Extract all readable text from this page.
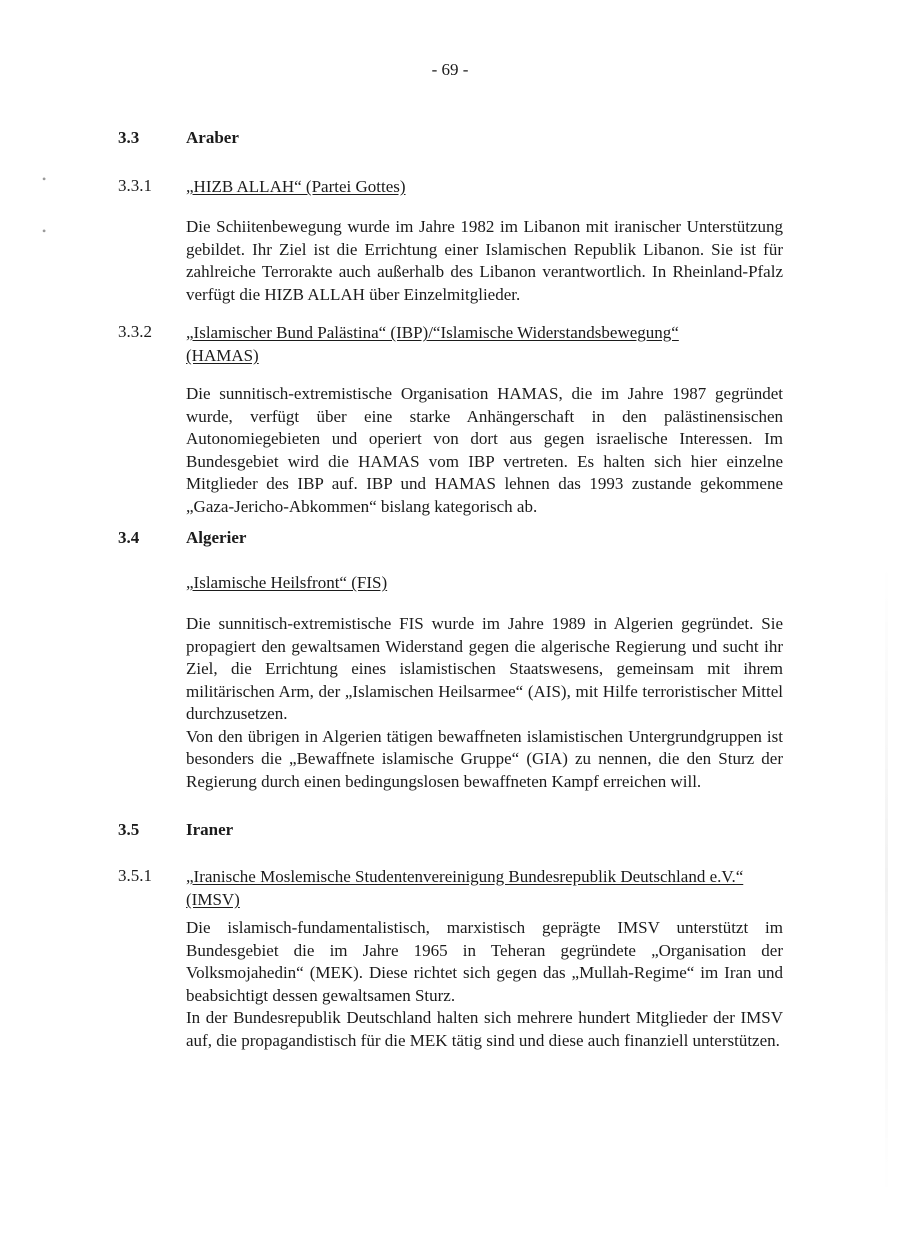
•
•
- 69 -
3.3	Araber
3.3.1 „HIZB ALLAH“ (Partei Gottes)
Die Schiitenbewegung wurde im Jahre 1982 im Libanon mit iranischer Unterstützung gebildet. Ihr Ziel ist die Errichtung einer Islamischen Republik Libanon. Sie ist für zahlreiche Terrorakte auch außerhalb des Libanon verantwortlich. In Rheinland-Pfalz verfügt die HIZB ALLAH über Einzelmitglieder.
3.3.2 „Islamischer Bund Palästina“ (IBP)/“Islamische Widerstandsbewegung“
(HAMAS)
Die sunnitisch-extremistische Organisation HAMAS, die im Jahre 1987 gegründet wurde, verfügt über eine starke Anhängerschaft in den palästinensischen Autonomiegebieten und operiert von dort aus gegen israelische Interessen. Im Bundesgebiet wird die HAMAS vom IBP vertreten. Es halten sich hier einzelne Mitglieder des IBP auf. IBP und HAMAS lehnen das 1993 zustande gekommene „Gaza-Jericho-Abkommen“ bislang kategorisch ab.
3.4	Algerier
„Islamische Heilsfront“ (FIS)

Die sunnitisch-extremistische FIS wurde im Jahre 1989 in Algerien gegründet. Sie propagiert den gewaltsamen Widerstand gegen die algerische Regierung und sucht ihr Ziel, die Errichtung eines islamistischen Staatswesens, gemeinsam mit ihrem militärischen Arm, der „Islamischen Heilsarmee“ (AIS), mit Hilfe terroristischer Mittel durchzusetzen.

Von den übrigen in Algerien tätigen bewaffneten islamistischen Untergrundgruppen ist besonders die „Bewaffnete islamische Gruppe“ (GIA) zu nennen, die den Sturz der Regierung durch einen bedingungslosen bewaffneten Kampf erreichen will.

3.5	Iraner
3.5.1 „Iranische Moslemische Studentenvereinigung Bundesrepublik Deutschland e.V.“
(IMSV)

Die islamisch-fundamentalistisch, marxistisch geprägte IMSV unterstützt im Bundesgebiet die im Jahre 1965 in Teheran gegründete „Organisation der Volksmojahedin“ (MEK). Diese richtet sich gegen das „Mullah-Regime“ im Iran und beabsichtigt dessen gewaltsamen Sturz.

In der Bundesrepublik Deutschland halten sich mehrere hundert Mitglieder der IMSV auf, die propagandistisch für die MEK tätig sind und diese auch finanziell unterstützen.
